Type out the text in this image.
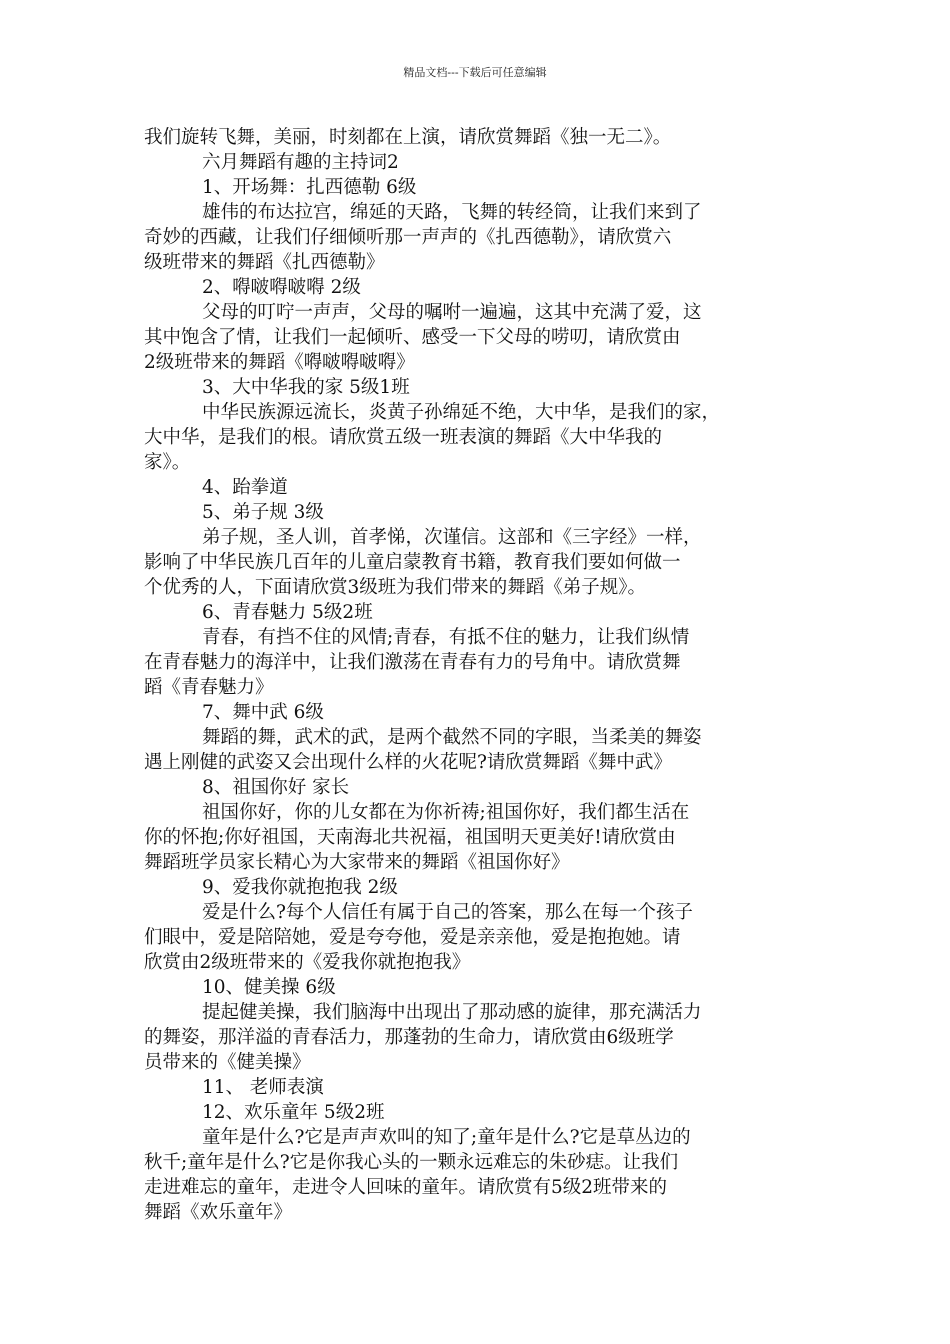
精品文档---下载后可任意编辑
我们旋转飞舞，美丽，时刻都在上演，请欣赏舞蹈《独一无二》。
六月舞蹈有趣的主持词2
1、开场舞：扎西德勒 6级
雄伟的布达拉宫，绵延的天路，飞舞的转经筒，让我们来到了
奇妙的西藏，让我们仔细倾听那一声声的《扎西德勒》，请欣赏六
级班带来的舞蹈《扎西德勒》
2、嘚啵嘚啵嘚 2级
父母的叮咛一声声，父母的嘱咐一遍遍，这其中充满了爱，这
其中饱含了情，让我们一起倾听、感受一下父母的唠叨，请欣赏由
2级班带来的舞蹈《嘚啵嘚啵嘚》
3、大中华我的家 5级1班
中华民族源远流长，炎黄子孙绵延不绝，大中华，是我们的家，
大中华，是我们的根。请欣赏五级一班表演的舞蹈《大中华我的
家》。
4、跆拳道
5、弟子规 3级
弟子规，圣人训，首孝悌，次谨信。这部和《三字经》一样，
影响了中华民族几百年的儿童启蒙教育书籍，教育我们要如何做一
个优秀的人，下面请欣赏3级班为我们带来的舞蹈《弟子规》。
6、青春魅力 5级2班
青春，有挡不住的风情;青春，有抵不住的魅力，让我们纵情
在青春魅力的海洋中，让我们激荡在青春有力的号角中。请欣赏舞
蹈《青春魅力》
7、舞中武 6级
舞蹈的舞，武术的武，是两个截然不同的字眼，当柔美的舞姿
遇上刚健的武姿又会出现什么样的火花呢?请欣赏舞蹈《舞中武》
8、祖国你好 家长
祖国你好，你的儿女都在为你祈祷;祖国你好，我们都生活在
你的怀抱;你好祖国，天南海北共祝福，祖国明天更美好!请欣赏由
舞蹈班学员家长精心为大家带来的舞蹈《祖国你好》
9、爱我你就抱抱我 2级
爱是什么?每个人信任有属于自己的答案，那么在每一个孩子
们眼中，爱是陪陪她，爱是夸夸他，爱是亲亲他，爱是抱抱她。请
欣赏由2级班带来的《爱我你就抱抱我》
10、健美操 6级
提起健美操，我们脑海中出现出了那动感的旋律，那充满活力
的舞姿，那洋溢的青春活力，那蓬勃的生命力，请欣赏由6级班学
员带来的《健美操》
11、 老师表演
12、欢乐童年 5级2班
童年是什么?它是声声欢叫的知了;童年是什么?它是草丛边的
秋千;童年是什么?它是你我心头的一颗永远难忘的朱砂痣。让我们
走进难忘的童年，走进令人回味的童年。请欣赏有5级2班带来的
舞蹈《欢乐童年》
